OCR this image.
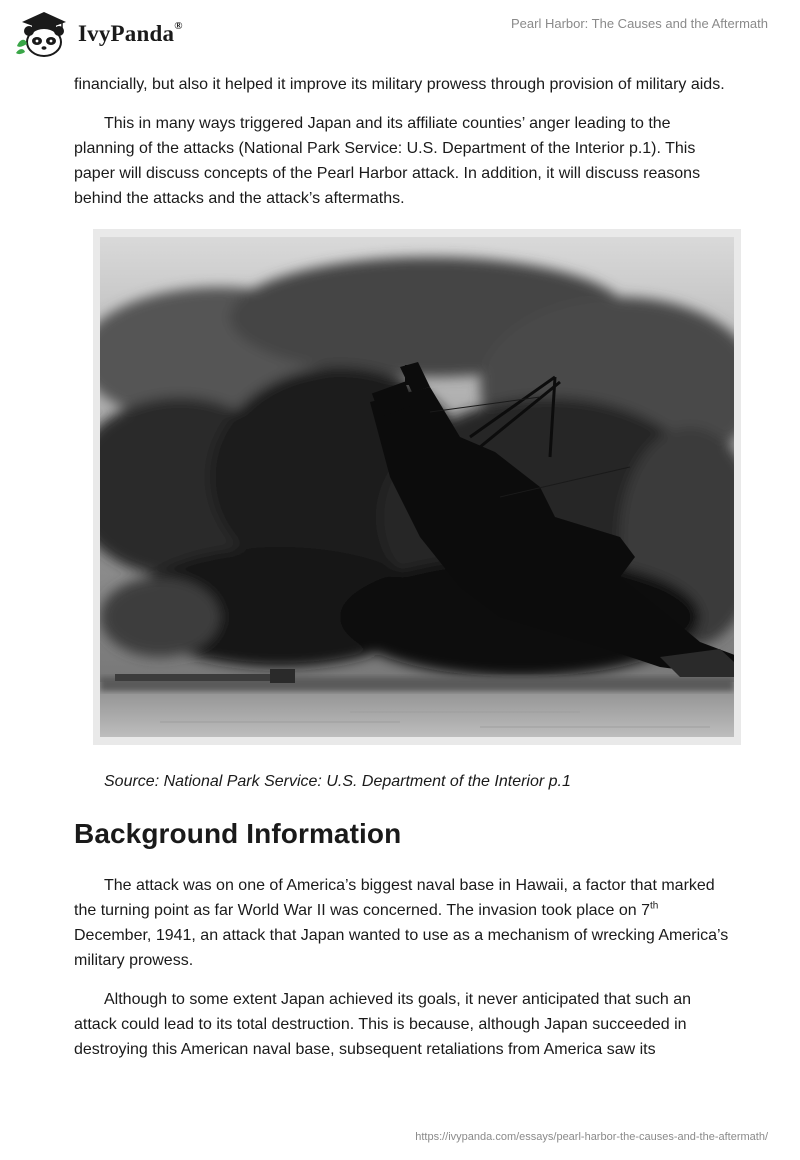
IvyPanda®	Pearl Harbor: The Causes and the Aftermath

financially, but also it helped it improve its military prowess through provision of military aids.

This in many ways triggered Japan and its affiliate counties’ anger leading to the planning of the attacks (National Park Service: U.S. Department of the Interior p.1). This paper will discuss concepts of the Pearl Harbor attack. In addition, it will discuss reasons behind the attacks and the attack’s aftermaths.

Source: National Park Service: U.S. Department of the Interior p.1

Background Information

The attack was on one of America’s biggest naval base in Hawaii, a factor that marked the turning point as far World War II was concerned. The invasion took place on 7th December, 1941, an attack that Japan wanted to use as a mechanism of wrecking America’s military prowess.

Although to some extent Japan achieved its goals, it never anticipated that such an attack could lead to its total destruction. This is because, although Japan succeeded in destroying this American naval base, subsequent retaliations from America saw its

https://ivypanda.com/essays/pearl-harbor-the-causes-and-the-aftermath/
